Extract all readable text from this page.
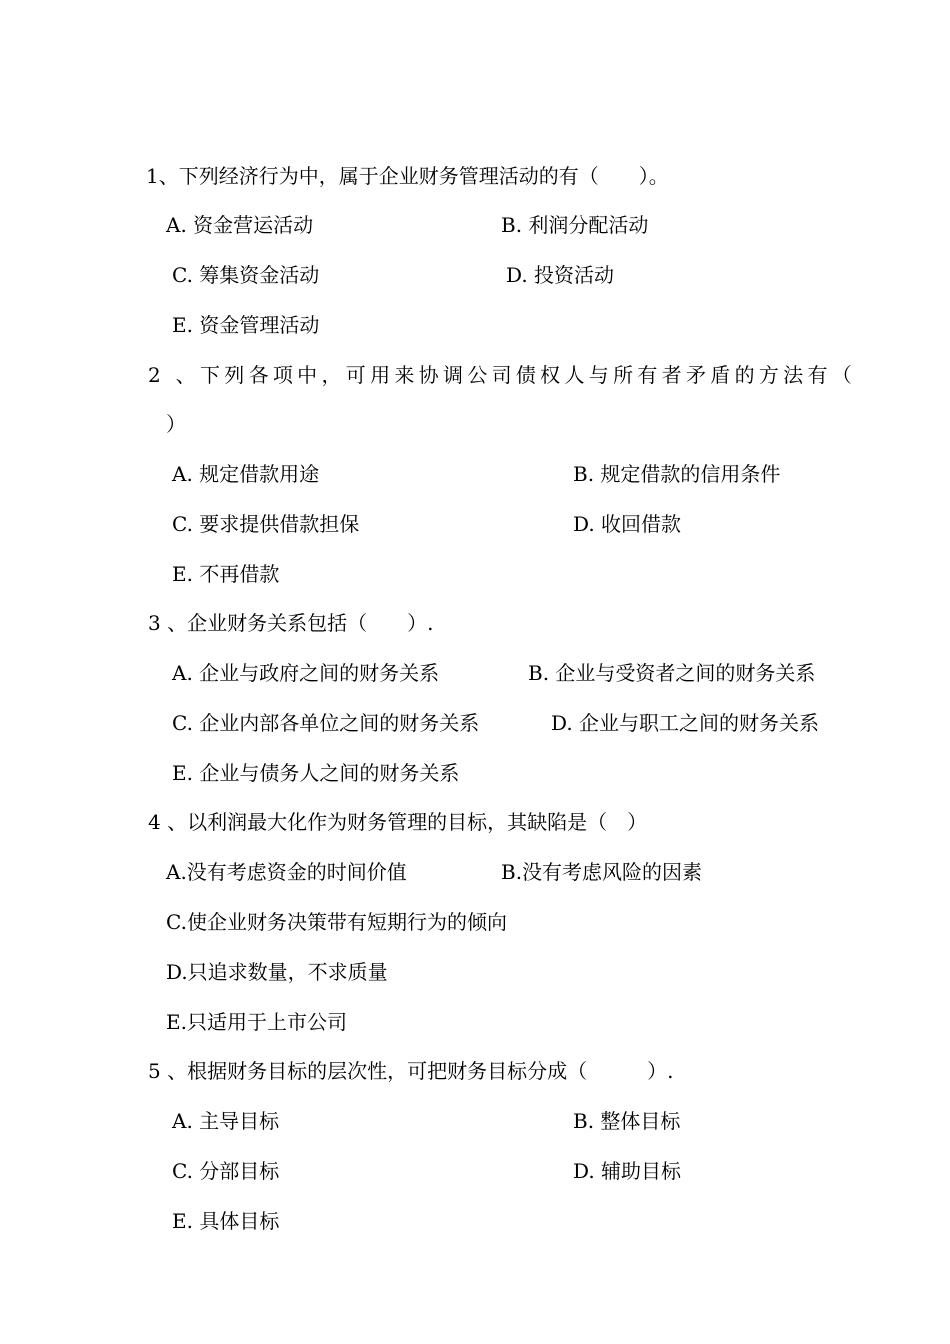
1、下列经济行为中，属于企业财务管理活动的有（　　）。
A. 资金营运活动	B. 利润分配活动
C. 筹集资金活动	D. 投资活动
E. 资金管理活动
2 、下列各项中，可用来协调公司债权人与所有者矛盾的方法有（
）
A. 规定借款用途	B. 规定借款的信用条件
C. 要求提供借款担保	D. 收回借款
E. 不再借款
3 、企业财务关系包括（　　）.
A. 企业与政府之间的财务关系	B. 企业与受资者之间的财务关系
C. 企业内部各单位之间的财务关系	D. 企业与职工之间的财务关系
E. 企业与债务人之间的财务关系
4 、以利润最大化作为财务管理的目标，其缺陷是（　）
A.没有考虑资金的时间价值	B.没有考虑风险的因素
C.使企业财务决策带有短期行为的倾向
D.只追求数量，不求质量
E.只适用于上市公司
5 、根据财务目标的层次性，可把财务目标分成（　　　）.
A. 主导目标	B. 整体目标
C. 分部目标	D. 辅助目标
E. 具体目标
